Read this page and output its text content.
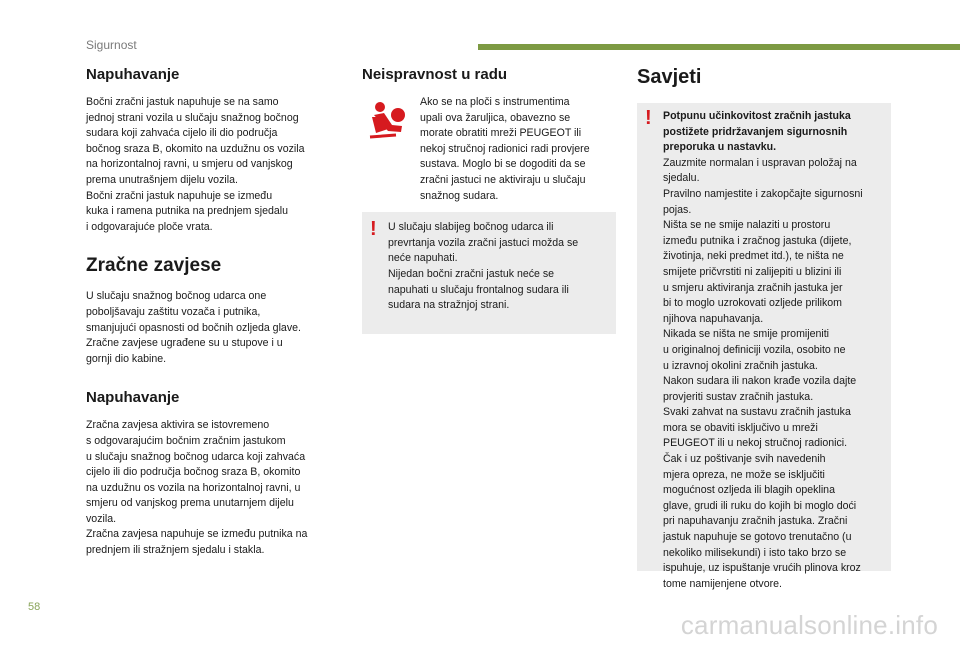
Sigurnost
Napuhavanje

Bočni zračni jastuk napuhuje se na samo
jednoj strani vozila u slučaju snažnog bočnog
sudara koji zahvaća cijelo ili dio područja
bočnog sraza B, okomito na uzdužnu os vozila
na horizontalnoj ravni, u smjeru od vanjskog
prema unutrašnjem dijelu vozila.
Bočni zračni jastuk napuhuje se između
kuka i ramena putnika na prednjem sjedalu
i odgovarajuće ploče vrata.

Zračne zavjese

U slučaju snažnog bočnog udarca one
poboljšavaju zaštitu vozača i putnika,
smanjujući opasnosti od bočnih ozljeda glave.
Zračne zavjese ugrađene su u stupove i u
gornji dio kabine.

Napuhavanje

Zračna zavjesa aktivira se istovremeno
s odgovarajućim bočnim zračnim jastukom
u slučaju snažnog bočnog udarca koji zahvaća
cijelo ili dio područja bočnog sraza B, okomito
na uzdužnu os vozila na horizontalnoj ravni, u
smjeru od vanjskog prema unutarnjem dijelu
vozila.
Zračna zavjesa napuhuje se između putnika na
prednjem ili stražnjem sjedalu i stakla.

Neispravnost u radu

Ako se na ploči s instrumentima
upali ova žaruljica, obavezno se
morate obratiti mreži PEUGEOT ili
nekoj stručnoj radionici radi provjere
sustava. Moglo bi se dogoditi da se
zračni jastuci ne aktiviraju u slučaju
snažnog sudara.

!	U slučaju slabijeg bočnog udarca ili
prevrtanja vozila zračni jastuci možda se
neće napuhati.
Nijedan bočni zračni jastuk neće se
napuhati u slučaju frontalnog sudara ili
sudara na stražnjoj strani.

Savjeti
!	Potpunu učinkovitost zračnih jastuka
postižete pridržavanjem sigurnosnih
preporuka u nastavku.

Zauzmite normalan i uspravan položaj na
sjedalu.
Pravilno namjestite i zakopčajte sigurnosni
pojas.
Ništa se ne smije nalaziti u prostoru
između putnika i zračnog jastuka (dijete,
životinja, neki predmet itd.), te ništa ne
smijete pričvrstiti ni zalijepiti u blizini ili
u smjeru aktiviranja zračnih jastuka jer
bi to moglo uzrokovati ozljede prilikom
njihova napuhavanja.
Nikada se ništa ne smije promijeniti
u originalnoj definiciji vozila, osobito ne
u izravnoj okolini zračnih jastuka.
Nakon sudara ili nakon krađe vozila dajte
provjeriti sustav zračnih jastuka.
Svaki zahvat na sustavu zračnih jastuka
mora se obaviti isključivo u mreži
PEUGEOT ili u nekoj stručnoj radionici.
Čak i uz poštivanje svih navedenih
mjera opreza, ne može se isključiti
mogućnost ozljeda ili blagih opeklina
glave, grudi ili ruku do kojih bi moglo doći
pri napuhavanju zračnih jastuka. Zračni
jastuk napuhuje se gotovo trenutačno (u
nekoliko milisekundi) i isto tako brzo se
ispuhuje, uz ispuštanje vrućih plinova kroz
tome namijenjene otvore.

58
carmanualsonline.info
